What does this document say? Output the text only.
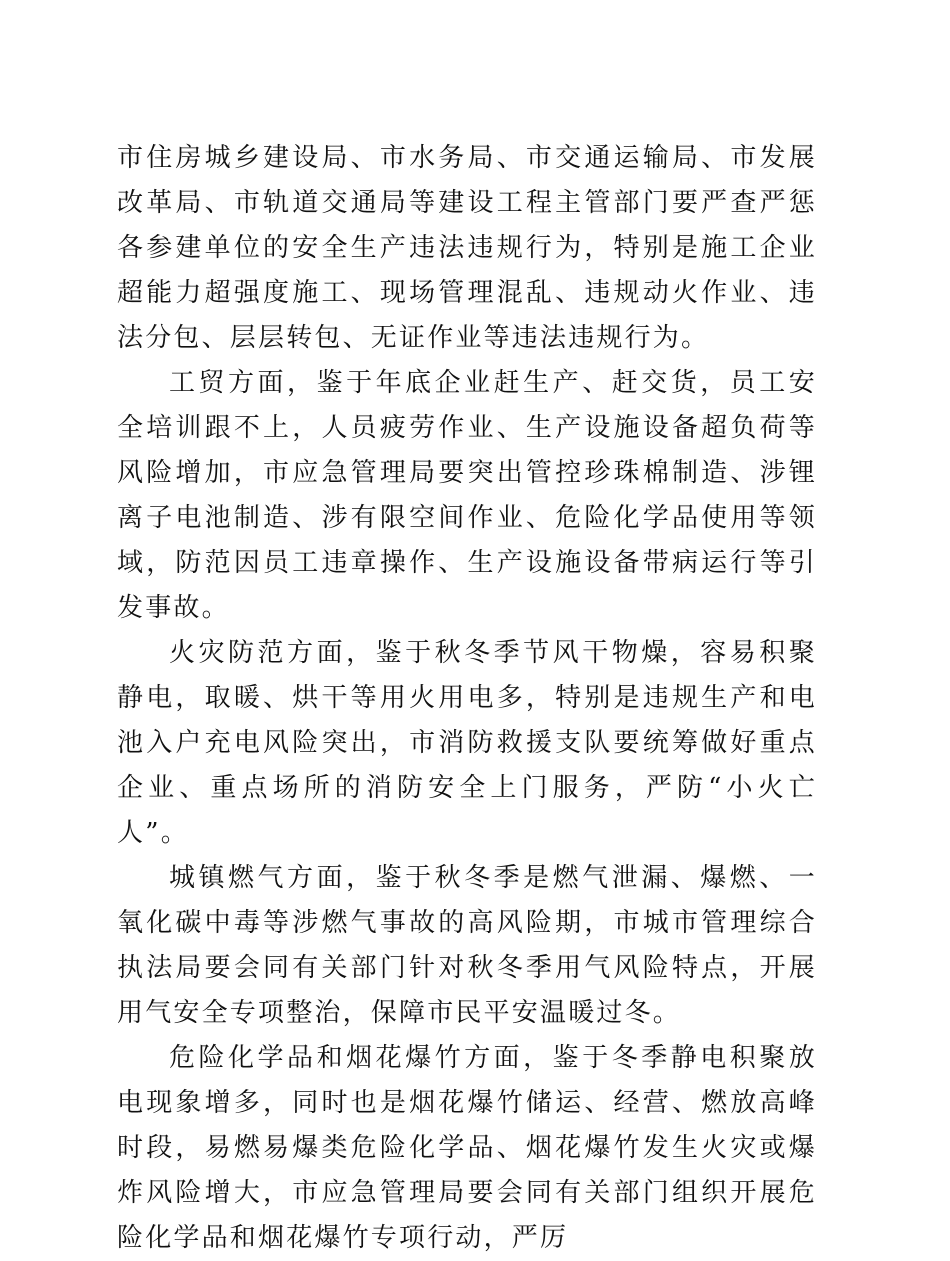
市住房城乡建设局、市水务局、市交通运输局、市发展改革局、市轨道交通局等建设工程主管部门要严查严惩各参建单位的安全生产违法违规行为，特别是施工企业超能力超强度施工、现场管理混乱、违规动火作业、违法分包、层层转包、无证作业等违法违规行为。

工贸方面，鉴于年底企业赶生产、赶交货，员工安全培训跟不上，人员疲劳作业、生产设施设备超负荷等风险增加，市应急管理局要突出管控珍珠棉制造、涉锂离子电池制造、涉有限空间作业、危险化学品使用等领域，防范因员工违章操作、生产设施设备带病运行等引发事故。

火灾防范方面，鉴于秋冬季节风干物燥，容易积聚静电，取暖、烘干等用火用电多，特别是违规生产和电池入户充电风险突出，市消防救援支队要统筹做好重点企业、重点场所的消防安全上门服务，严防“小火亡人”。

城镇燃气方面，鉴于秋冬季是燃气泄漏、爆燃、一氧化碳中毒等涉燃气事故的高风险期，市城市管理综合执法局要会同有关部门针对秋冬季用气风险特点，开展用气安全专项整治，保障市民平安温暖过冬。

危险化学品和烟花爆竹方面，鉴于冬季静电积聚放电现象增多，同时也是烟花爆竹储运、经营、燃放高峰时段，易燃易爆类危险化学品、烟花爆竹发生火灾或爆炸风险增大，市应急管理局要会同有关部门组织开展危险化学品和烟花爆竹专项行动，严厉
